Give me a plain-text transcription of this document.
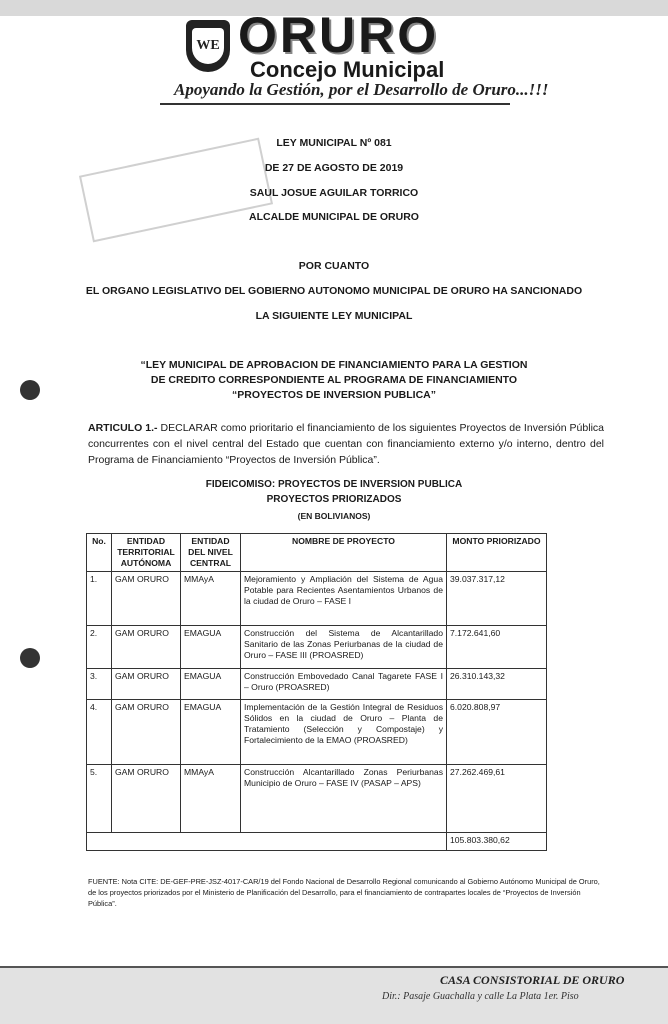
WE ORURO
Concejo Municipal
Apoyando la Gestión, por el Desarrollo de Oruro...!!!
LEY MUNICIPAL Nº 081
DE 27 DE AGOSTO DE 2019
SAUL JOSUE AGUILAR TORRICO
ALCALDE MUNICIPAL DE ORURO
POR CUANTO
EL ORGANO LEGISLATIVO DEL GOBIERNO AUTONOMO MUNICIPAL DE ORURO HA SANCIONADO
LA SIGUIENTE LEY MUNICIPAL
“LEY MUNICIPAL DE APROBACION DE FINANCIAMIENTO PARA LA GESTION
DE CREDITO CORRESPONDIENTE AL PROGRAMA DE FINANCIAMIENTO
“PROYECTOS DE INVERSION PUBLICA”
ARTICULO 1.- DECLARAR como prioritario el financiamiento de los siguientes Proyectos de Inversión Pública concurrentes con el nivel central del Estado que cuentan con financiamiento externo y/o interno, dentro del Programa de Financiamiento “Proyectos de Inversión Pública”.
FIDEICOMISO: PROYECTOS DE INVERSION PUBLICA
PROYECTOS PRIORIZADOS
(EN BOLIVIANOS)
No.	ENTIDAD TERRITORIAL AUTÓNOMA	ENTIDAD DEL NIVEL CENTRAL	NOMBRE DE PROYECTO	MONTO PRIORIZADO
1.	GAM ORURO	MMAyA	Mejoramiento y Ampliación del Sistema de Agua Potable para Recientes Asentamientos Urbanos de la ciudad de Oruro – FASE I	39.037.317,12
2.	GAM ORURO	EMAGUA	Construcción del Sistema de Alcantarillado Sanitario de las Zonas Periurbanas de la ciudad de Oruro – FASE III (PROASRED)	7.172.641,60
3.	GAM ORURO	EMAGUA	Construcción Embovedado Canal Tagarete FASE I – Oruro (PROASRED)	26.310.143,32
4.	GAM ORURO	EMAGUA	Implementación de la Gestión Integral de Residuos Sólidos en la ciudad de Oruro – Planta de Tratamiento (Selección y Compostaje) y Fortalecimiento de la EMAO (PROASRED)	6.020.808,97
5.	GAM ORURO	MMAyA	Construcción Alcantarillado Zonas Periurbanas Municipio de Oruro – FASE IV (PASAP – APS)	27.262.469,61
				105.803.380,62
FUENTE: Nota CITE: DE-GEF-PRE-JSZ-4017-CAR/19 del Fondo Nacional de Desarrollo Regional comunicando al Gobierno Autónomo Municipal de Oruro, de los proyectos priorizados por el Ministerio de Planificación del Desarrollo, para el financiamiento de contrapartes locales de “Proyectos de Inversión Pública”.
CASA CONSISTORIAL DE ORURO
Dir.: Pasaje Guachalla y calle La Plata 1er. Piso
